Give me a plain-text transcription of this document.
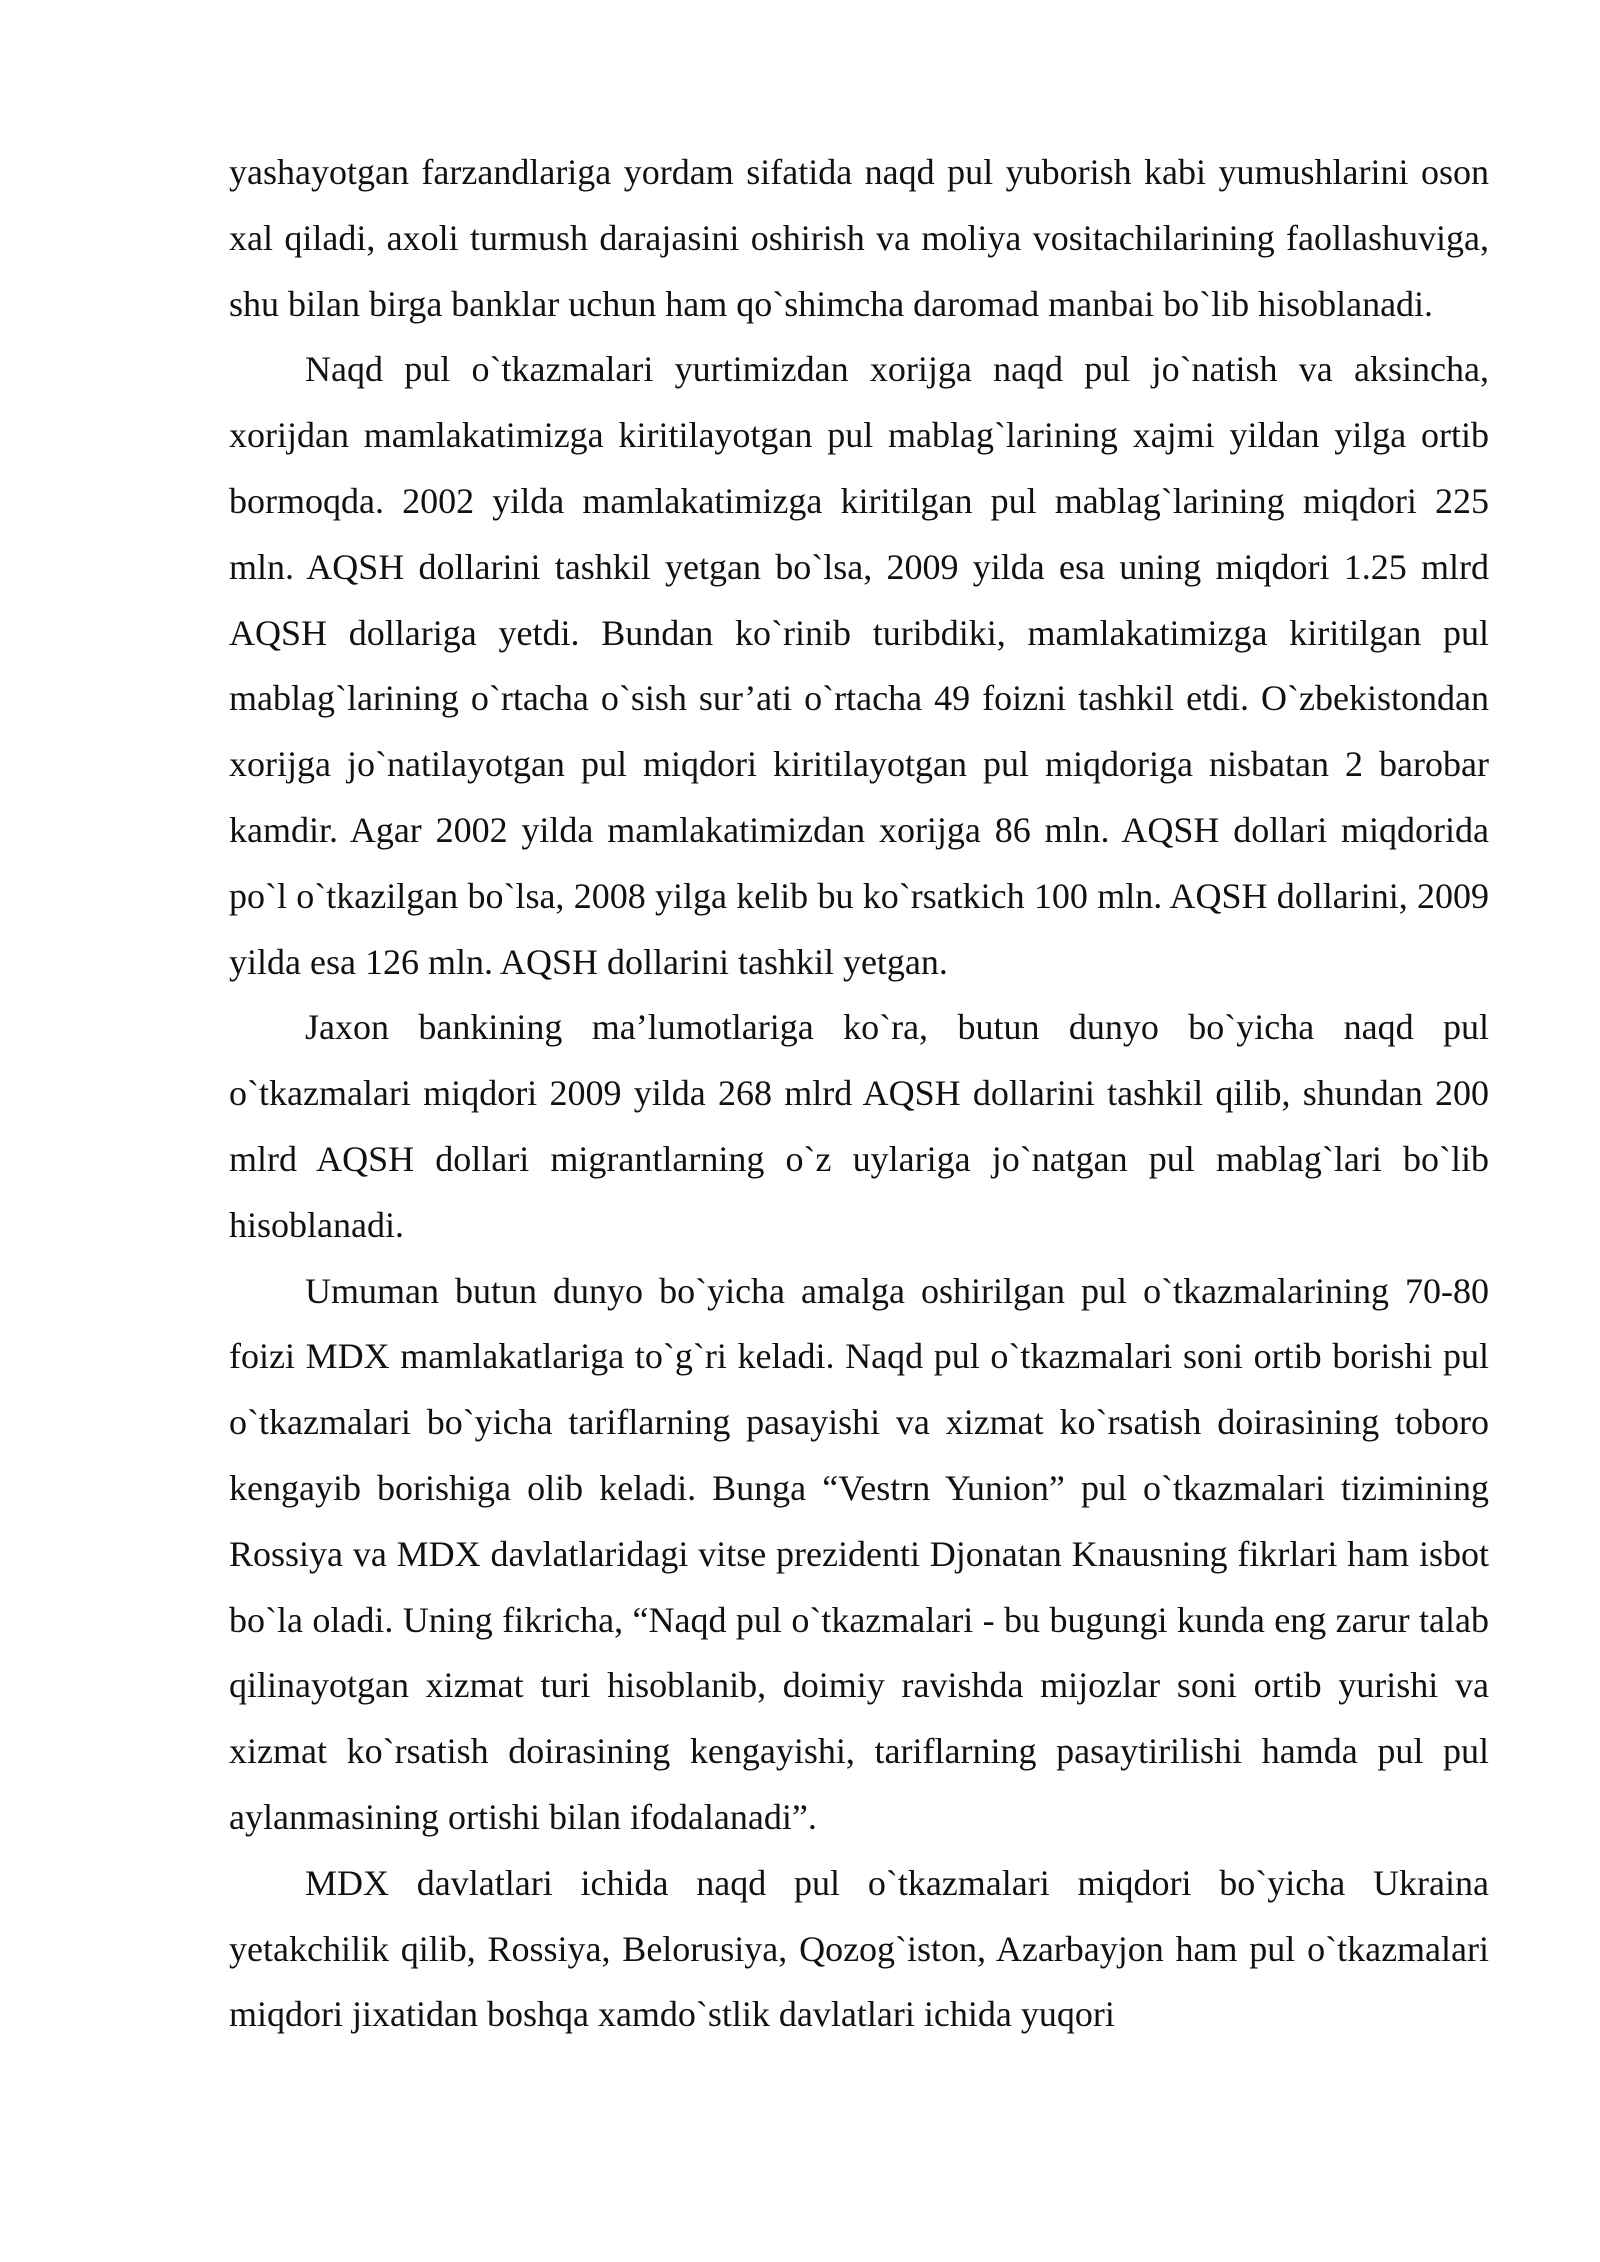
yashayotgan farzandlariga yordam sifatida naqd pul yuborish kabi yumushlarini oson xal qiladi, axoli turmush darajasini oshirish va moliya vositachilarining faollashuviga, shu bilan birga banklar uchun ham qo`shimcha daromad manbai bo`lib hisoblanadi.

Naqd pul o`tkazmalari yurtimizdan xorijga naqd pul jo`natish va aksincha, xorijdan mamlakatimizga kiritilayotgan pul mablag`larining xajmi yildan yilga ortib bormoqda. 2002 yilda mamlakatimizga kiritilgan pul mablag`larining miqdori 225 mln. AQSH dollarini tashkil yetgan bo`lsa, 2009 yilda esa uning miqdori 1.25 mlrd AQSH dollariga yetdi. Bundan ko`rinib turibdiki, mamlakatimizga kiritilgan pul mablag`larining o`rtacha o`sish sur’ati o`rtacha 49 foizni tashkil etdi. O`zbekistondan xorijga jo`natilayotgan pul miqdori kiritilayotgan pul miqdoriga nisbatan 2 barobar kamdir. Agar 2002 yilda mamlakatimizdan xorijga 86 mln. AQSH dollari miqdorida po`l o`tkazilgan bo`lsa, 2008 yilga kelib bu ko`rsatkich 100 mln. AQSH dollarini, 2009 yilda esa 126 mln. AQSH dollarini tashkil yetgan.

Jaxon bankining ma’lumotlariga ko`ra, butun dunyo bo`yicha naqd pul o`tkazmalari miqdori 2009 yilda 268 mlrd AQSH dollarini tashkil qilib, shundan 200 mlrd AQSH dollari migrantlarning o`z uylariga jo`natgan pul mablag`lari bo`lib hisoblanadi.

Umuman butun dunyo bo`yicha amalga oshirilgan pul o`tkazmalarining 70-80 foizi MDX mamlakatlariga to`g`ri keladi. Naqd pul o`tkazmalari soni ortib borishi pul o`tkazmalari bo`yicha tariflarning pasayishi va xizmat ko`rsatish doirasining toboro kengayib borishiga olib keladi. Bunga “Vestrn Yunion” pul o`tkazmalari tizimining Rossiya va MDX davlatlaridagi vitse prezidenti Djonatan Knausning fikrlari ham isbot bo`la oladi. Uning fikricha, “Naqd pul o`tkazmalari - bu bugungi kunda eng zarur talab qilinayotgan xizmat turi hisoblanib, doimiy ravishda mijozlar soni ortib yurishi va xizmat ko`rsatish doirasining kengayishi, tariflarning pasaytirilishi hamda pul pul aylanmasining ortishi bilan ifodalanadi”.

MDX davlatlari ichida naqd pul o`tkazmalari miqdori bo`yicha Ukraina yetakchilik qilib, Rossiya, Belorusiya, Qozog`iston, Azarbayjon ham pul o`tkazmalari miqdori jixatidan boshqa xamdo`stlik davlatlari ichida yuqori
